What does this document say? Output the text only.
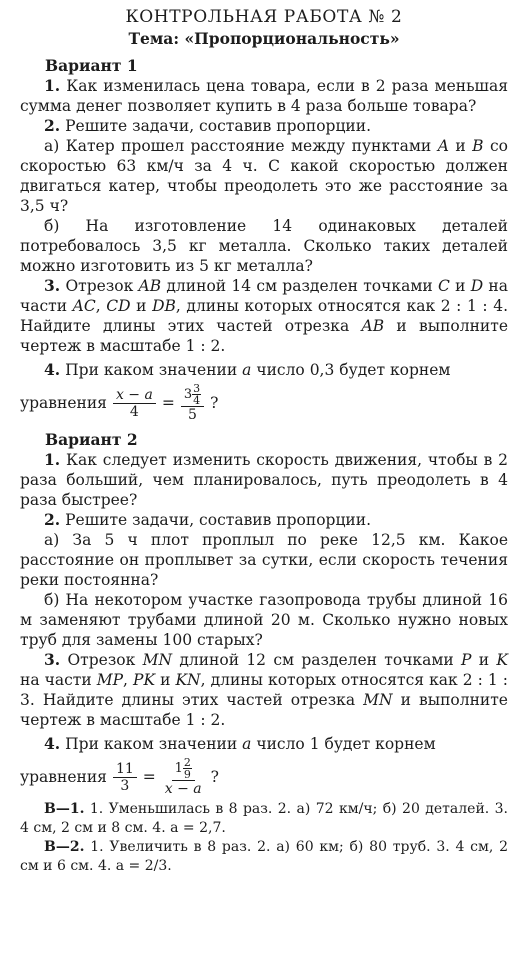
КОНТРОЛЬНАЯ РАБОТА № 2
Тема: «Пропорциональность»
Вариант 1

1. Как изменилась цена товара, если в 2 раза меньшая сумма денег позволяет купить в 4 раза больше товара?

2. Решите задачи, составив пропорции.

а) Катер прошел расстояние между пунктами A и B со скоростью 63 км/ч за 4 ч. С какой скоростью должен двигаться катер, чтобы преодолеть это же расстояние за 3,5 ч?

б) На изготовление 14 одинаковых деталей потребовалось 3,5 кг металла. Сколько таких деталей можно изготовить из 5 кг металла?

3. Отрезок AB длиной 14 см разделен точками C и D на части AC, CD и DB, длины которых относятся как 2 : 1 : 4. Найдите длины этих частей отрезка AB и выполните чертеж в масштабе 1 : 2.

4. При каком значении a число 0,3 будет корнем

уравнения $\frac{x - a}{4} = \frac{3 \frac{3}{4}}{5}$ ?
Вариант 2

1. Как следует изменить скорость движения, чтобы в 2 раза больший, чем планировалось, путь преодолеть в 4 раза быстрее?

2. Решите задачи, составив пропорции.

а) За 5 ч плот проплыл по реке 12,5 км. Какое расстояние он проплывет за сутки, если скорость течения реки постоянна?

б) На некотором участке газопровода трубы длиной 16 м заменяют трубами длиной 20 м. Сколько нужно новых труб для замены 100 старых?

3. Отрезок MN длиной 12 см разделен точками P и K на части MP, PK и KN, длины которых относятся как 2 : 1 : 3. Найдите длины этих частей отрезка MN и выполните чертеж в масштабе 1 : 2.

4. При каком значении a число 1 будет корнем

уравнения $\frac{11}{3} = \frac{1 \frac{2}{9}}{x - a}$ ?

В—1. 1. Уменьшилась в 8 раз. 2. а) 72 км/ч; б) 20 деталей. 3. 4 см, 2 см и 8 см. 4. a = 2,7.

В—2. 1. Увеличить в 8 раз. 2. а) 60 км; б) 80 труб. 3. 4 см, 2 см и 6 см. 4. a = 2/3.
